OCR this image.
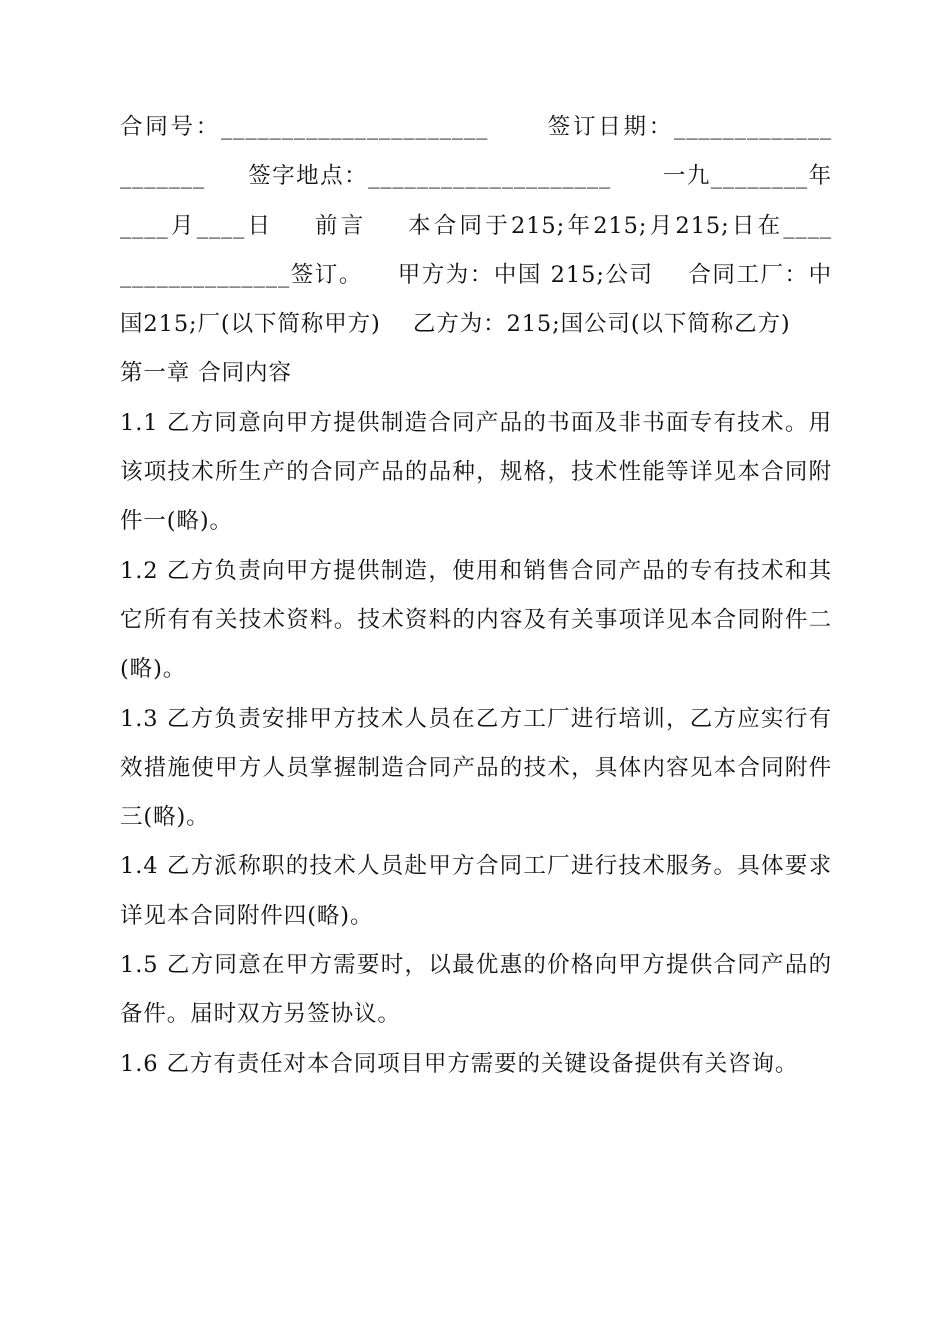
合同号：______________________      签订日期：_____________ _______     签字地点：____________________      一九________年____月____日    前言    本合同于215;年215;月215;日在____ ______________签订。    甲方为：中国 215;公司    合同工厂：中国215;厂(以下简称甲方)    乙方为：215;国公司(以下简称乙方)

第一章 合同内容

1.1 乙方同意向甲方提供制造合同产品的书面及非书面专有技术。用该项技术所生产的合同产品的品种，规格，技术性能等详见本合同附件一(略)。

1.2 乙方负责向甲方提供制造，使用和销售合同产品的专有技术和其它所有有关技术资料。技术资料的内容及有关事项详见本合同附件二(略)。

1.3 乙方负责安排甲方技术人员在乙方工厂进行培训，乙方应实行有效措施使甲方人员掌握制造合同产品的技术，具体内容见本合同附件三(略)。

1.4 乙方派称职的技术人员赴甲方合同工厂进行技术服务。具体要求详见本合同附件四(略)。

1.5 乙方同意在甲方需要时，以最优惠的价格向甲方提供合同产品的备件。届时双方另签协议。

1.6 乙方有责任对本合同项目甲方需要的关键设备提供有关咨询。
